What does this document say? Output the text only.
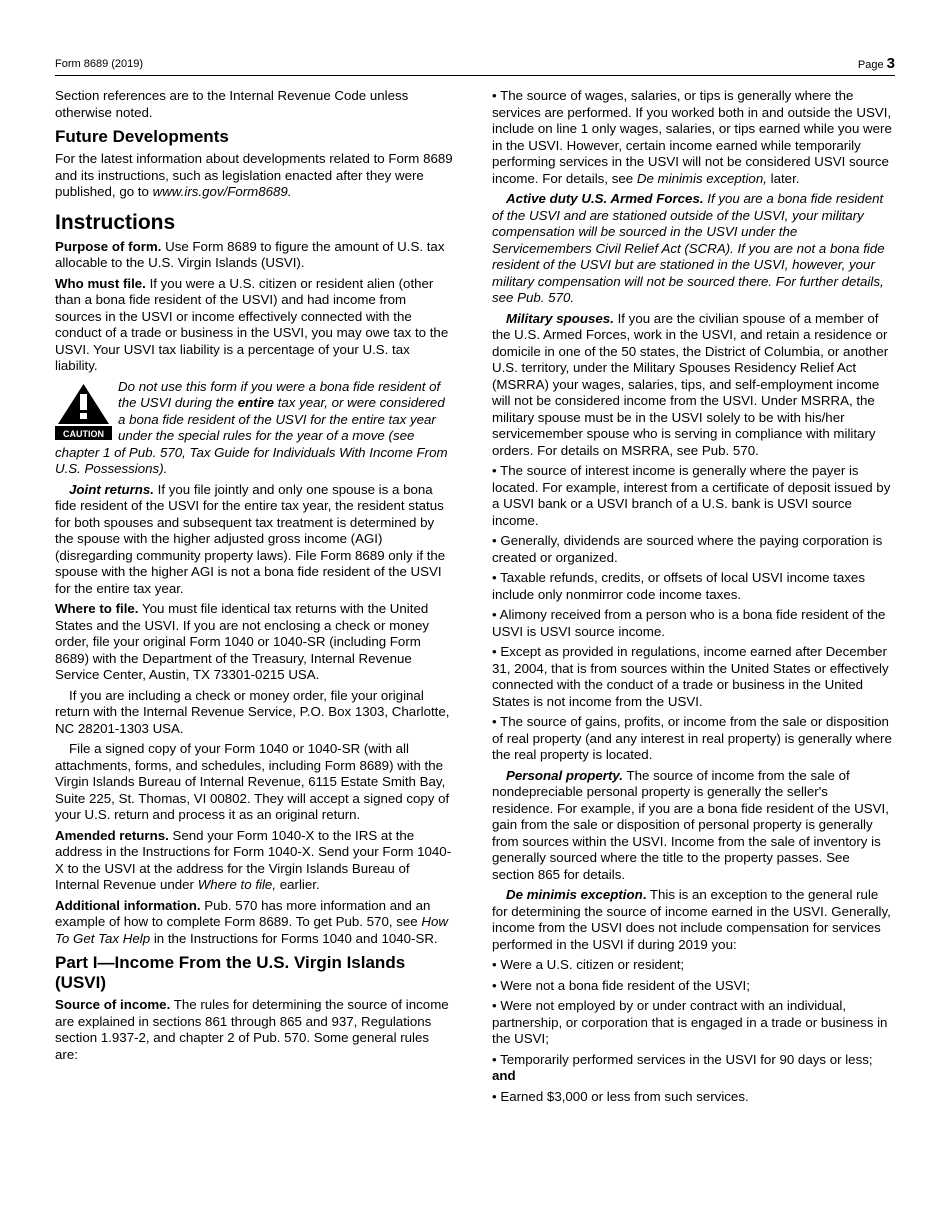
Form 8689 (2019)	Page 3

Section references are to the Internal Revenue Code unless otherwise noted.

Future Developments

For the latest information about developments related to Form 8689 and its instructions, such as legislation enacted after they were published, go to www.irs.gov/Form8689.

Instructions

Purpose of form. Use Form 8689 to figure the amount of U.S. tax allocable to the U.S. Virgin Islands (USVI).

Who must file. If you were a U.S. citizen or resident alien (other than a bona fide resident of the USVI) and had income from sources in the USVI or income effectively connected with the conduct of a trade or business in the USVI, you may owe tax to the USVI. Your USVI tax liability is a percentage of your U.S. tax liability.

CAUTION

Do not use this form if you were a bona fide resident of the USVI during the entire tax year, or were considered a bona fide resident of the USVI for the entire tax year under the special rules for the year of a move (see chapter 1 of Pub. 570, Tax Guide for Individuals With Income From U.S. Possessions).

Joint returns. If you file jointly and only one spouse is a bona fide resident of the USVI for the entire tax year, the resident status for both spouses and subsequent tax treatment is determined by the spouse with the higher adjusted gross income (AGI) (disregarding community property laws). File Form 8689 only if the spouse with the higher AGI is not a bona fide resident of the USVI for the entire tax year.

Where to file. You must file identical tax returns with the United States and the USVI. If you are not enclosing a check or money order, file your original Form 1040 or 1040-SR (including Form 8689) with the Department of the Treasury, Internal Revenue Service Center, Austin, TX 73301-0215 USA.

If you are including a check or money order, file your original return with the Internal Revenue Service, P.O. Box 1303, Charlotte, NC 28201-1303 USA.

File a signed copy of your Form 1040 or 1040-SR (with all attachments, forms, and schedules, including Form 8689) with the Virgin Islands Bureau of Internal Revenue, 6115 Estate Smith Bay, Suite 225, St. Thomas, VI 00802. They will accept a signed copy of your U.S. return and process it as an original return.

Amended returns. Send your Form 1040-X to the IRS at the address in the Instructions for Form 1040-X. Send your Form 1040-X to the USVI at the address for the Virgin Islands Bureau of Internal Revenue under Where to file, earlier.

Additional information. Pub. 570 has more information and an example of how to complete Form 8689. To get Pub. 570, see How To Get Tax Help in the Instructions for Forms 1040 and 1040-SR.

Part I—Income From the U.S. Virgin Islands (USVI)

Source of income. The rules for determining the source of income are explained in sections 861 through 865 and 937, Regulations section 1.937-2, and chapter 2 of Pub. 570. Some general rules are:

• The source of wages, salaries, or tips is generally where the services are performed. If you worked both in and outside the USVI, include on line 1 only wages, salaries, or tips earned while you were in the USVI. However, certain income earned while temporarily performing services in the USVI will not be considered USVI source income. For details, see De minimis exception, later.

Active duty U.S. Armed Forces. If you are a bona fide resident of the USVI and are stationed outside of the USVI, your military compensation will be sourced in the USVI under the Servicemembers Civil Relief Act (SCRA). If you are not a bona fide resident of the USVI but are stationed in the USVI, however, your military compensation will not be sourced there. For further details, see Pub. 570.

Military spouses. If you are the civilian spouse of a member of the U.S. Armed Forces, work in the USVI, and retain a residence or domicile in one of the 50 states, the District of Columbia, or another U.S. territory, under the Military Spouses Residency Relief Act (MSRRA) your wages, salaries, tips, and self-employment income will not be considered income from the USVI. Under MSRRA, the military spouse must be in the USVI solely to be with his/her servicemember spouse who is serving in compliance with military orders. For details on MSRRA, see Pub. 570.

• The source of interest income is generally where the payer is located. For example, interest from a certificate of deposit issued by a USVI bank or a USVI branch of a U.S. bank is USVI source income.

• Generally, dividends are sourced where the paying corporation is created or organized.

• Taxable refunds, credits, or offsets of local USVI income taxes include only nonmirror code income taxes.

• Alimony received from a person who is a bona fide resident of the USVI is USVI source income.

• Except as provided in regulations, income earned after December 31, 2004, that is from sources within the United States or effectively connected with the conduct of a trade or business in the United States is not income from the USVI.

• The source of gains, profits, or income from the sale or disposition of real property (and any interest in real property) is generally where the real property is located.

Personal property. The source of income from the sale of nondepreciable personal property is generally the seller's residence. For example, if you are a bona fide resident of the USVI, gain from the sale or disposition of personal property is generally from sources within the USVI. Income from the sale of inventory is generally sourced where the title to the property passes. See section 865 for details.

De minimis exception. This is an exception to the general rule for determining the source of income earned in the USVI. Generally, income from the USVI does not include compensation for services performed in the USVI if during 2019 you:

• Were a U.S. citizen or resident;

• Were not a bona fide resident of the USVI;

• Were not employed by or under contract with an individual, partnership, or corporation that is engaged in a trade or business in the USVI;

• Temporarily performed services in the USVI for 90 days or less; and

• Earned $3,000 or less from such services.
